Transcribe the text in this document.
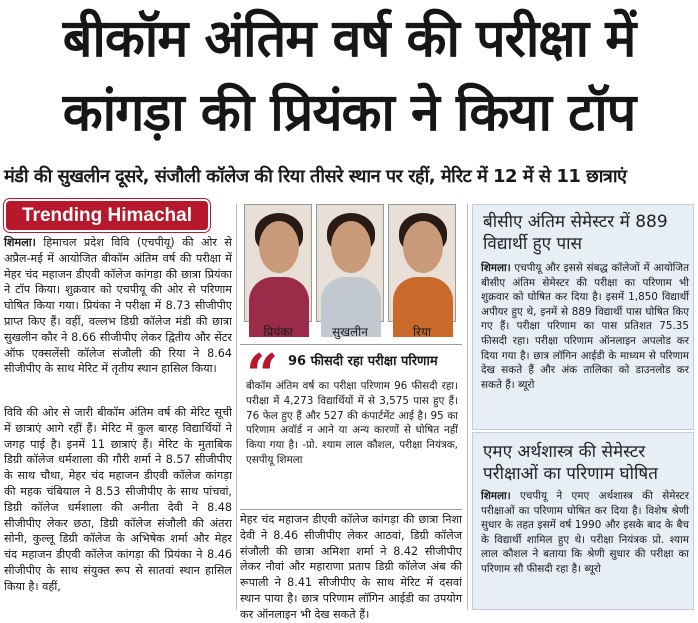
बीकॉम अंतिम वर्ष की परीक्षा में
कांगड़ा की प्रियंका ने किया टॉप
मंडी की सुखलीन दूसरे, संजौली कॉलेज की रिया तीसरे स्थान पर रहीं, मेरिट में 12 में से 11 छात्राएं

शिमला। हिमाचल प्रदेश विवि (एचपीयू) की ओर से अप्रैल-मई में आयोजित बीकॉम अंतिम वर्ष की परीक्षा में मेहर चंद महाजन डीएवी कॉलेज कांगड़ा की छात्रा प्रियंका ने टॉप किया। शुक्रवार को एचपीयू की ओर से परिणाम घोषित किया गया। प्रियंका ने परीक्षा में 8.73 सीजीपीए प्राप्त किए हैं। वहीं, वल्लभ डिग्री कॉलेज मंडी की छात्रा सुखलीन कौर ने 8.66 सीजीपीए लेकर द्वितीय और सेंटर ऑफ एक्सलेंसी कॉलेज संजौली की रिया ने 8.64 सीजीपीए के साथ मेरिट में तृतीय स्थान हासिल किया।

Trending Himachal

विवि की ओर से जारी बीकॉम अंतिम वर्ष की मेरिट सूची में छात्राएं आगे रहीं हैं। मेरिट में कुल बारह विद्यार्थियों ने जगह पाई है। इनमें 11 छात्राएं हैं। मेरिट के मुताबिक डिग्री कॉलेज धर्मशाला की गौरी शर्मा ने 8.57 सीजीपीए के साथ चौथा, मेहर चंद महाजन डीएवी कॉलेज कांगड़ा की महक चंबियाल ने 8.53 सीजीपीए के साथ पांचवां, डिग्री कॉलेज धर्मशाला की अनीता देवी ने 8.48 सीजीपीए लेकर छठा, डिग्री कॉलेज संजौली की अंतरा सोनी, कुल्लू डिग्री कॉलेज के अभिषेक शर्मा और मेहर चंद महाजन डीएवी कॉलेज कांगड़ा की प्रियंका ने 8.46 सीजीपीए के साथ संयुक्त रूप से सातवां स्थान हासिल किया है। वहीं,

प्रियंका	सुखलीन	रिया
“ 96 फीसदी रहा परीक्षा परिणाम
बीकॉम अंतिम वर्ष का परीक्षा परिणाम 96 फीसदी रहा। परीक्षा में 4,273 विद्यार्थियों में से 3,575 पास हुए हैं। 76 फेल हुए हैं और 527 की कंपार्टमेंट आई है। 95 का परिणाम अवॉर्ड न आने या अन्य कारणों से घोषित नहीं किया गया है। -प्रो. श्याम लाल कौशल, परीक्षा नियंत्रक, एसपीयू शिमला

मेहर चंद महाजन डीएवी कॉलेज कांगड़ा की छात्रा निशा देवी ने 8.46 सीजीपीए लेकर आठवां, डिग्री कॉलेज संजौली की छात्रा अमिशा शर्मा ने 8.42 सीजीपीए लेकर नौवां और महाराणा प्रताप डिग्री कॉलेज अंब की रूपाली ने 8.41 सीजीपीए के साथ मेरिट में दसवां स्थान पाया है। छात्र परिणाम लॉगिन आईडी का उपयोग कर ऑनलाइन भी देख सकते हैं।

बीसीए अंतिम सेमेस्टर में 889 विद्यार्थी हुए पास
शिमला। एचपीयू और इससे संबद्ध कॉलेजों में आयोजित बीसीए अंतिम सेमेस्टर की परीक्षा का परिणाम भी शुक्रवार को घोषित कर दिया है। इसमें 1,850 विद्यार्थी अपीयर हुए थे, इनमें से 889 विद्यार्थी पास घोषित किए गए हैं। परीक्षा परिणाम का पास प्रतिशत 75.35 फीसदी रहा। परीक्षा परिणाम ऑनलाइन अपलोड कर दिया गया है। छात्र लॉगिन आईडी के माध्यम से परिणाम देख सकते हैं और अंक तालिका को डाउनलोड कर सकते हैं। ब्यूरो
एमए अर्थशास्त्र की सेमेस्टर परीक्षाओं का परिणाम घोषित
शिमला। एचपीयू ने एमए अर्थशास्त्र की सेमेस्टर परीक्षाओं का परिणाम घोषित कर दिया है। विशेष श्रेणी सुधार के तहत इसमें वर्ष 1990 और इसके बाद के बैच के विद्यार्थी शामिल हुए थे। परीक्षा नियंत्रक प्रो. श्याम लाल कौशल ने बताया कि श्रेणी सुधार की परीक्षा का परिणाम सौ फीसदी रहा है। ब्यूरो
